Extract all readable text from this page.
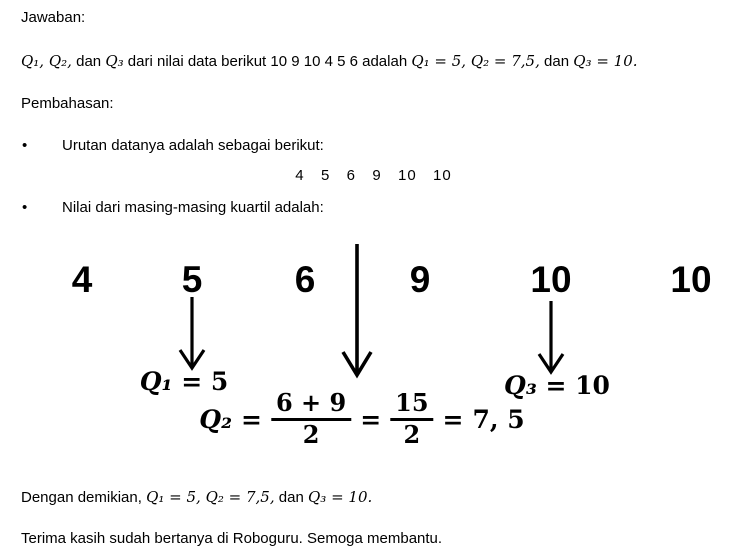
Jawaban:
Q₁, Q₂, dan Q₃ dari nilai data berikut 10 9 10 4 5 6 adalah Q₁ = 5, Q₂ = 7,5, dan Q₃ = 10.
Pembahasan:
•	Urutan datanya adalah sebagai berikut:
4  5  6  9  10  10
•	Nilai dari masing-masing kuartil adalah:
4 5 6	9	10	10
Q₁ = 5	Q₃ = 10
$Q_2 = \frac{6 + 9}{2} = \frac{15}{2} = 7$, 5
Dengan demikian, Q₁ = 5, Q₂ = 7,5, dan Q₃ = 10.
Terima kasih sudah bertanya di Roboguru. Semoga membantu.
